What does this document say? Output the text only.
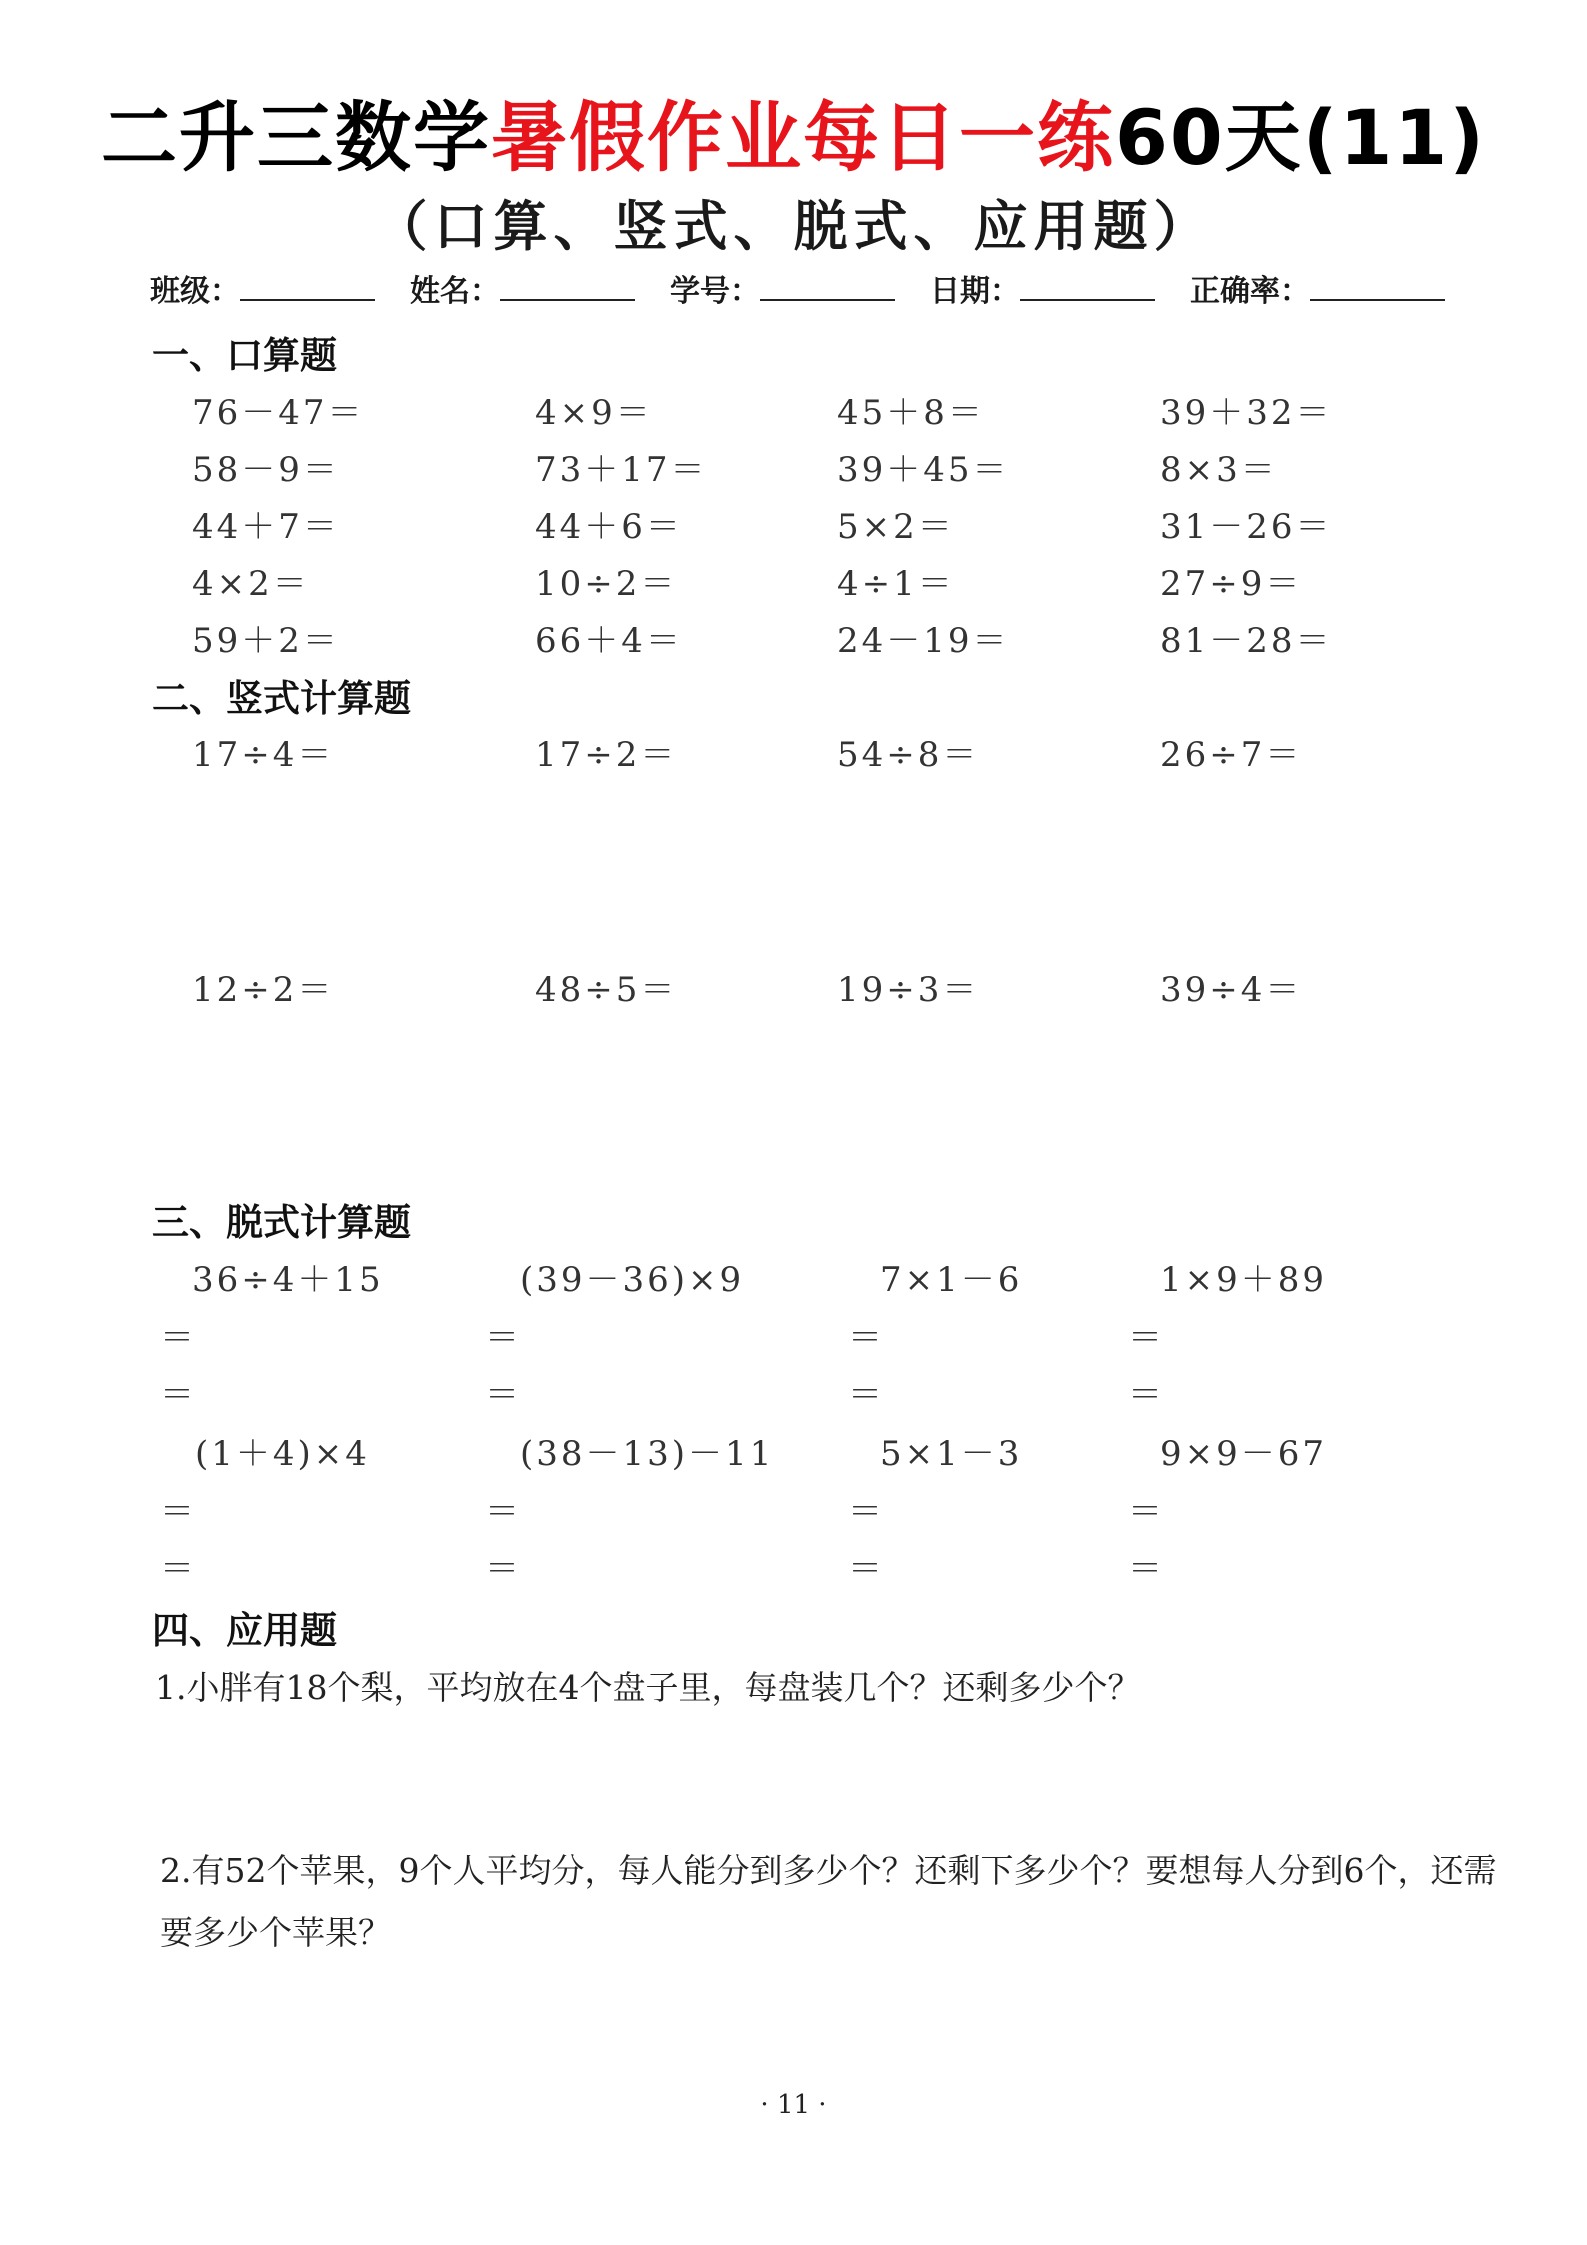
二升三数学暑假作业每日一练60天(11)
（口算、竖式、脱式、应用题）
班级：	姓名：	学号：	日期：	正确率：
一、口算题
76－47＝	4×9＝	45＋8＝	39＋32＝
58－9＝	73＋17＝	39＋45＝	8×3＝
44＋7＝	44＋6＝	5×2＝	31－26＝
4×2＝	10÷2＝	4÷1＝	27÷9＝
59＋2＝	66＋4＝	24－19＝	81－28＝
二、竖式计算题
17÷4＝	17÷2＝	54÷8＝	26÷7＝
12÷2＝	48÷5＝	19÷3＝	39÷4＝
三、脱式计算题
36÷4＋15	(39－36)×9	7×1－6	1×9＋89
＝	＝	＝	＝
＝	＝	＝	＝
(1＋4)×4	(38－13)－11	5×1－3	9×9－67
＝	＝	＝	＝
＝	＝	＝	＝
四、应用题
1.小胖有18个梨，平均放在4个盘子里，每盘装几个？还剩多少个？
2.有52个苹果，9个人平均分，每人能分到多少个？还剩下多少个？要想每人分到6个，还需要多少个苹果？
· 11 ·
